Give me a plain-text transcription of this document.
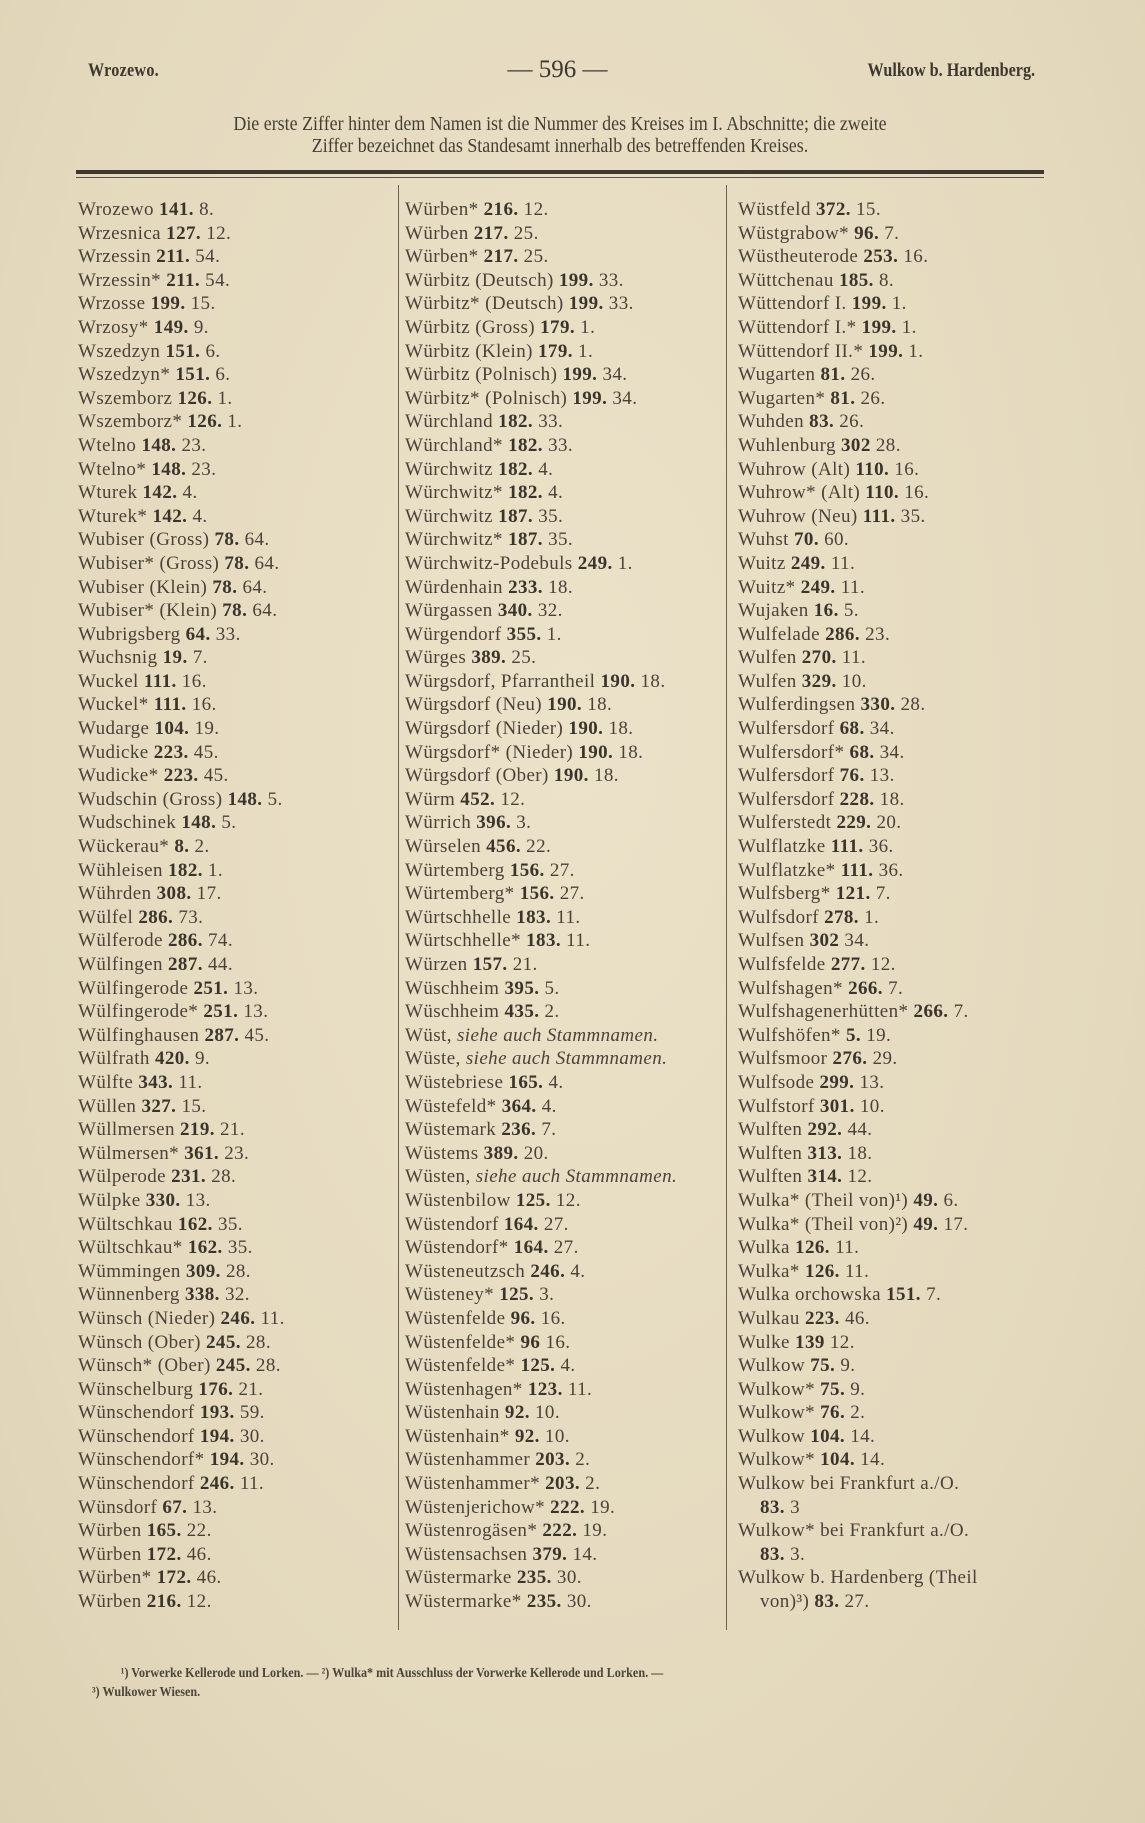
Wrozewo.	— 596 —	Wulkow b. Hardenberg.
Die erste Ziffer hinter dem Namen ist die Nummer des Kreises im I. Abschnitte; die zweite
Ziffer bezeichnet das Standesamt innerhalb des betreffenden Kreises.
Wrozewo 141. 8.
Wrzesnica 127. 12.
Wrzessin 211. 54.
Wrzessin* 211. 54.
Wrzosse 199. 15.
Wrzosy* 149. 9.
Wszedzyn 151. 6.
Wszedzyn* 151. 6.
Wszemborz 126. 1.
Wszemborz* 126. 1.
Wtelno 148. 23.
Wtelno* 148. 23.
Wturek 142. 4.
Wturek* 142. 4.
Wubiser (Gross) 78. 64.
Wubiser* (Gross) 78. 64.
Wubiser (Klein) 78. 64.
Wubiser* (Klein) 78. 64.
Wubrigsberg 64. 33.
Wuchsnig 19. 7.
Wuckel 111. 16.
Wuckel* 111. 16.
Wudarge 104. 19.
Wudicke 223. 45.
Wudicke* 223. 45.
Wudschin (Gross) 148. 5.
Wudschinek 148. 5.
Wückerau* 8. 2.
Wühleisen 182. 1.
Wührden 308. 17.
Wülfel 286. 73.
Wülferode 286. 74.
Wülfingen 287. 44.
Wülfingerode 251. 13.
Wülfingerode* 251. 13.
Wülfinghausen 287. 45.
Wülfrath 420. 9.
Wülfte 343. 11.
Wüllen 327. 15.
Wüllmersen 219. 21.
Wülmersen* 361. 23.
Wülperode 231. 28.
Wülpke 330. 13.
Wültschkau 162. 35.
Wültschkau* 162. 35.
Wümmingen 309. 28.
Wünnenberg 338. 32.
Wünsch (Nieder) 246. 11.
Wünsch (Ober) 245. 28.
Wünsch* (Ober) 245. 28.
Wünschelburg 176. 21.
Wünschendorf 193. 59.
Wünschendorf 194. 30.
Wünschendorf* 194. 30.
Wünschendorf 246. 11.
Wünsdorf 67. 13.
Würben 165. 22.
Würben 172. 46.
Würben* 172. 46.
Würben 216. 12.
Würben* 216. 12.
Würben 217. 25.
Würben* 217. 25.
Würbitz (Deutsch) 199. 33.
Würbitz* (Deutsch) 199. 33.
Würbitz (Gross) 179. 1.
Würbitz (Klein) 179. 1.
Würbitz (Polnisch) 199. 34.
Würbitz* (Polnisch) 199. 34.
Würchland 182. 33.
Würchland* 182. 33.
Würchwitz 182. 4.
Würchwitz* 182. 4.
Würchwitz 187. 35.
Würchwitz* 187. 35.
Würchwitz-Podebuls 249. 1.
Würdenhain 233. 18.
Würgassen 340. 32.
Würgendorf 355. 1.
Würges 389. 25.
Würgsdorf, Pfarrantheil 190. 18.
Würgsdorf (Neu) 190. 18.
Würgsdorf (Nieder) 190. 18.
Würgsdorf* (Nieder) 190. 18.
Würgsdorf (Ober) 190. 18.
Würm 452. 12.
Würrich 396. 3.
Würselen 456. 22.
Würtemberg 156. 27.
Würtemberg* 156. 27.
Würtschhelle 183. 11.
Würtschhelle* 183. 11.
Würzen 157. 21.
Wüschheim 395. 5.
Wüschheim 435. 2.
Wüst, siehe auch Stammnamen.
Wüste, siehe auch Stammnamen.
Wüstebriese 165. 4.
Wüstefeld* 364. 4.
Wüstemark 236. 7.
Wüstems 389. 20.
Wüsten, siehe auch Stammnamen.
Wüstenbilow 125. 12.
Wüstendorf 164. 27.
Wüstendorf* 164. 27.
Wüsteneutzsch 246. 4.
Wüsteney* 125. 3.
Wüstenfelde 96. 16.
Wüstenfelde* 96 16.
Wüstenfelde* 125. 4.
Wüstenhagen* 123. 11.
Wüstenhain 92. 10.
Wüstenhain* 92. 10.
Wüstenhammer 203. 2.
Wüstenhammer* 203. 2.
Wüstenjerichow* 222. 19.
Wüstenrogäsen* 222. 19.
Wüstensachsen 379. 14.
Wüstermarke 235. 30.
Wüstermarke* 235. 30.
Wüstfeld 372. 15.
Wüstgrabow* 96. 7.
Wüstheuterode 253. 16.
Wüttchenau 185. 8.
Wüttendorf I. 199. 1.
Wüttendorf I.* 199. 1.
Wüttendorf II.* 199. 1.
Wugarten 81. 26.
Wugarten* 81. 26.
Wuhden 83. 26.
Wuhlenburg 302 28.
Wuhrow (Alt) 110. 16.
Wuhrow* (Alt) 110. 16.
Wuhrow (Neu) 111. 35.
Wuhst 70. 60.
Wuitz 249. 11.
Wuitz* 249. 11.
Wujaken 16. 5.
Wulfelade 286. 23.
Wulfen 270. 11.
Wulfen 329. 10.
Wulferdingsen 330. 28.
Wulfersdorf 68. 34.
Wulfersdorf* 68. 34.
Wulfersdorf 76. 13.
Wulfersdorf 228. 18.
Wulferstedt 229. 20.
Wulflatzke 111. 36.
Wulflatzke* 111. 36.
Wulfsberg* 121. 7.
Wulfsdorf 278. 1.
Wulfsen 302 34.
Wulfsfelde 277. 12.
Wulfshagen* 266. 7.
Wulfshagenerhütten* 266. 7.
Wulfshöfen* 5. 19.
Wulfsmoor 276. 29.
Wulfsode 299. 13.
Wulfstorf 301. 10.
Wulften 292. 44.
Wulften 313. 18.
Wulften 314. 12.
Wulka* (Theil von)¹) 49. 6.
Wulka* (Theil von)²) 49. 17.
Wulka 126. 11.
Wulka* 126. 11.
Wulka orchowska 151. 7.
Wulkau 223. 46.
Wulke 139 12.
Wulkow 75. 9.
Wulkow* 75. 9.
Wulkow* 76. 2.
Wulkow 104. 14.
Wulkow* 104. 14.
Wulkow bei Frankfurt a./O.
83. 3
Wulkow* bei Frankfurt a./O.
83. 3.
Wulkow b. Hardenberg (Theil
von)³) 83. 27.
¹) Vorwerke Kellerode und Lorken. — ²) Wulka* mit Ausschluss der Vorwerke Kellerode und Lorken. —
³) Wulkower Wiesen.
